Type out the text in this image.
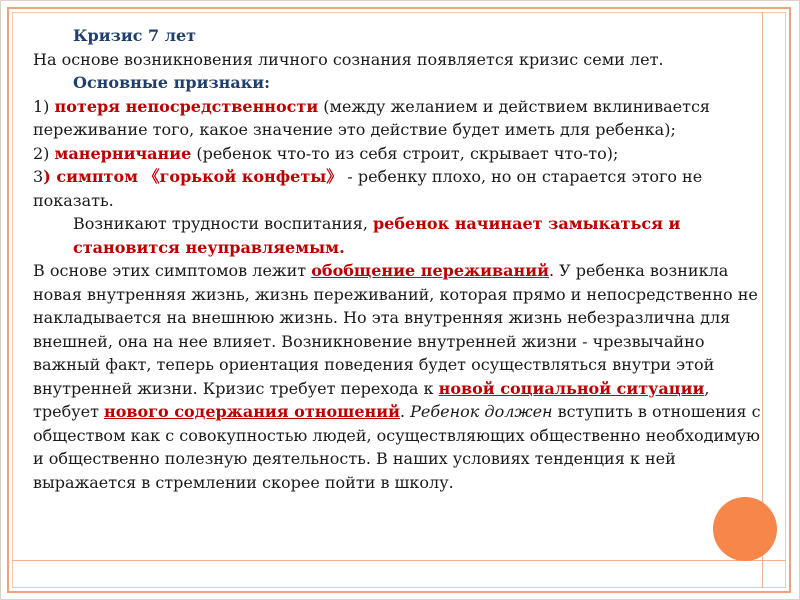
Кризис 7 лет

На основе возникновения личного сознания появляется кризис семи лет.

Основные признаки:

1) потеря непосредственности (между желанием и действием вклинивается переживание того, какое значение это действие будет иметь для ребенка);

2) манерничание (ребенок что-то из себя строит, скрывает что-то);

3) симптом 《горькой конфеты》 - ребенку плохо, но он старается этого не показать.

Возникают трудности воспитания, ребенок начинает замыкаться и становится неуправляемым.

В основе этих симптомов лежит обобщение переживаний. У ребенка возникла новая внутренняя жизнь, жизнь переживаний, которая прямо и непосредственно не накладывается на внешнюю жизнь. Но эта внутренняя жизнь небезразлична для внешней, она на нее влияет. Возникновение внутренней жизни - чрезвычайно важный факт, теперь ориентация поведения будет осуществляться внутри этой внутренней жизни. Кризис требует перехода к новой социальной ситуации, требует нового содержания отношений. Ребенок должен вступить в отношения с обществом как с совокупностью людей, осуществляющих общественно необходимую и общественно полезную деятельность. В наших условиях тенденция к ней выражается в стремлении скорее пойти в школу.
